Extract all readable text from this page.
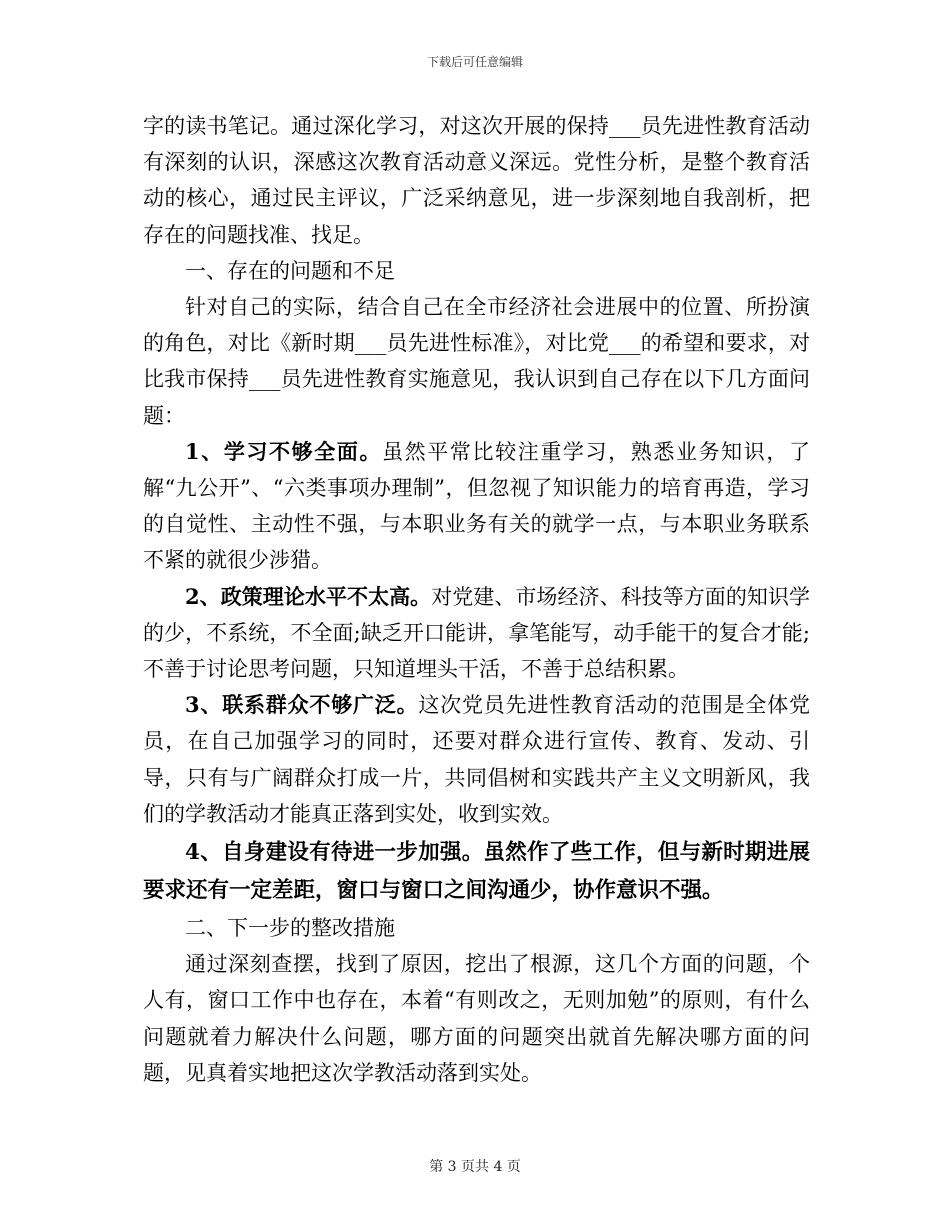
下载后可任意编辑

字的读书笔记。通过深化学习，对这次开展的保持___员先进性教育活动有深刻的认识，深感这次教育活动意义深远。党性分析，是整个教育活动的核心，通过民主评议，广泛采纳意见，进一步深刻地自我剖析，把存在的问题找准、找足。

一、存在的问题和不足

针对自己的实际，结合自己在全市经济社会进展中的位置、所扮演的角色，对比《新时期___员先进性标准》，对比党___的希望和要求，对比我市保持___员先进性教育实施意见，我认识到自己存在以下几方面问题：

1、学习不够全面。虽然平常比较注重学习，熟悉业务知识，了解“九公开”、“六类事项办理制”，但忽视了知识能力的培育再造，学习的自觉性、主动性不强，与本职业务有关的就学一点，与本职业务联系不紧的就很少涉猎。

2、政策理论水平不太高。对党建、市场经济、科技等方面的知识学的少，不系统，不全面;缺乏开口能讲，拿笔能写，动手能干的复合才能;不善于讨论思考问题，只知道埋头干活，不善于总结积累。

3、联系群众不够广泛。这次党员先进性教育活动的范围是全体党员，在自己加强学习的同时，还要对群众进行宣传、教育、发动、引导，只有与广阔群众打成一片，共同倡树和实践共产主义文明新风，我们的学教活动才能真正落到实处，收到实效。

4、自身建设有待进一步加强。虽然作了些工作，但与新时期进展要求还有一定差距，窗口与窗口之间沟通少，协作意识不强。

二、下一步的整改措施

通过深刻查摆，找到了原因，挖出了根源，这几个方面的问题，个人有，窗口工作中也存在，本着“有则改之，无则加勉”的原则，有什么问题就着力解决什么问题，哪方面的问题突出就首先解决哪方面的问题，见真着实地把这次学教活动落到实处。

第 3 页共 4 页
